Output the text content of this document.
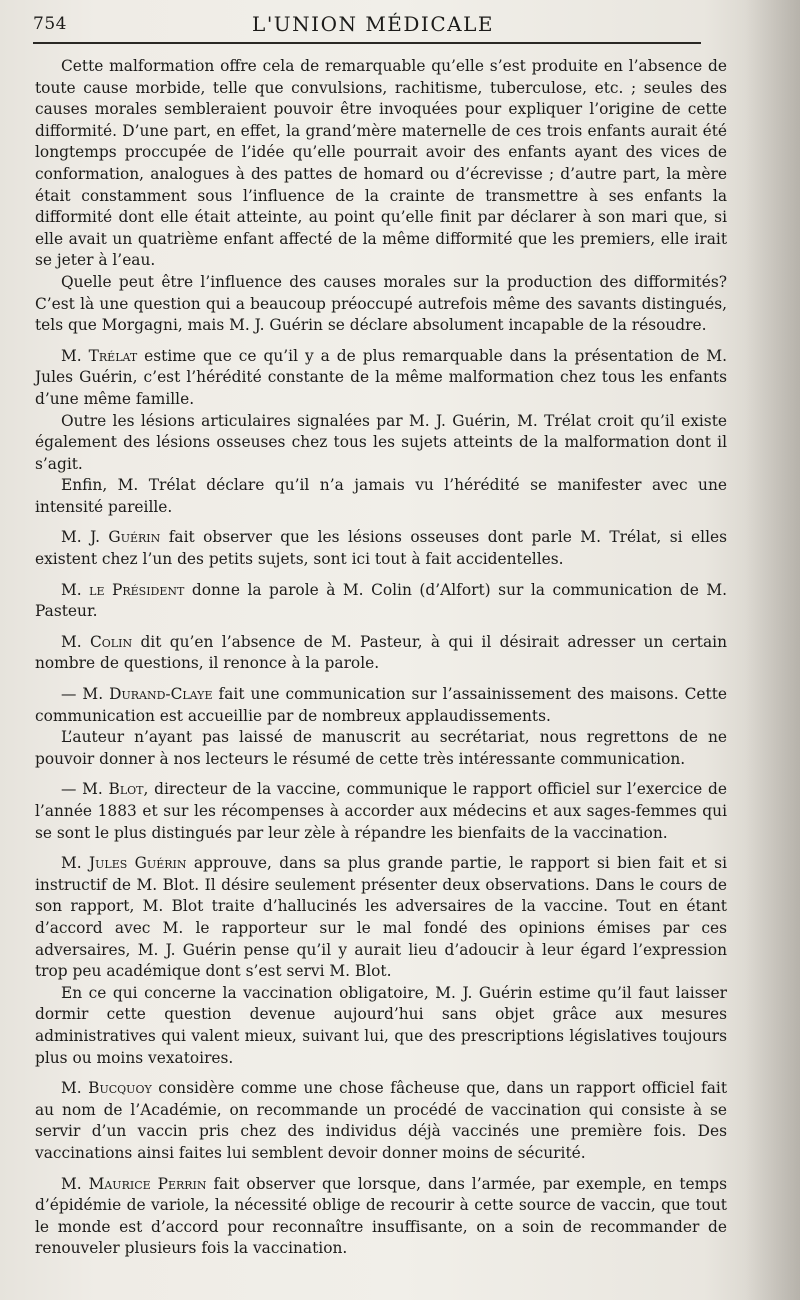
754	L'UNION MÉDICALE

Cette malformation offre cela de remarquable qu’elle s’est produite en l’absence de toute cause morbide, telle que convulsions, rachitisme, tuberculose, etc. ; seules des causes morales sembleraient pouvoir être invoquées pour expliquer l’origine de cette difformité. D’une part, en effet, la grand’mère maternelle de ces trois enfants aurait été longtemps proccupée de l’idée qu’elle pourrait avoir des enfants ayant des vices de conformation, analogues à des pattes de homard ou d’écrevisse ; d’autre part, la mère était constamment sous l’influence de la crainte de transmettre à ses enfants la difformité dont elle était atteinte, au point qu’elle finit par déclarer à son mari que, si elle avait un quatrième enfant affecté de la même difformité que les premiers, elle irait se jeter à l’eau.

Quelle peut être l’influence des causes morales sur la production des difformités? C’est là une question qui a beaucoup préoccupé autrefois même des savants distingués, tels que Morgagni, mais M. J. Guérin se déclare absolument incapable de la résoudre.

M. Trélat estime que ce qu’il y a de plus remarquable dans la présentation de M. Jules Guérin, c’est l’hérédité constante de la même malformation chez tous les enfants d’une même famille.

Outre les lésions articulaires signalées par M. J. Guérin, M. Trélat croit qu’il existe également des lésions osseuses chez tous les sujets atteints de la malformation dont il s’agit.

Enfin, M. Trélat déclare qu’il n’a jamais vu l’hérédité se manifester avec une intensité pareille.

M. J. Guérin fait observer que les lésions osseuses dont parle M. Trélat, si elles existent chez l’un des petits sujets, sont ici tout à fait accidentelles.

M. le Président donne la parole à M. Colin (d’Alfort) sur la communication de M. Pasteur.

M. Colin dit qu’en l’absence de M. Pasteur, à qui il désirait adresser un certain nombre de questions, il renonce à la parole.

— M. Durand-Claye fait une communication sur l’assainissement des maisons. Cette communication est accueillie par de nombreux applaudissements.

L’auteur n’ayant pas laissé de manuscrit au secrétariat, nous regrettons de ne pouvoir donner à nos lecteurs le résumé de cette très intéressante communication.

— M. Blot, directeur de la vaccine, communique le rapport officiel sur l’exercice de l’année 1883 et sur les récompenses à accorder aux médecins et aux sages-femmes qui se sont le plus distingués par leur zèle à répandre les bienfaits de la vaccination.

M. Jules Guérin approuve, dans sa plus grande partie, le rapport si bien fait et si instructif de M. Blot. Il désire seulement présenter deux observations. Dans le cours de son rapport, M. Blot traite d’hallucinés les adversaires de la vaccine. Tout en étant d’accord avec M. le rapporteur sur le mal fondé des opinions émises par ces adversaires, M. J. Guérin pense qu’il y aurait lieu d’adoucir à leur égard l’expression trop peu académique dont s’est servi M. Blot.

En ce qui concerne la vaccination obligatoire, M. J. Guérin estime qu’il faut laisser dormir cette question devenue aujourd’hui sans objet grâce aux mesures administratives qui valent mieux, suivant lui, que des prescriptions législatives toujours plus ou moins vexatoires.

M. Bucquoy considère comme une chose fâcheuse que, dans un rapport officiel fait au nom de l’Académie, on recommande un procédé de vaccination qui consiste à se servir d’un vaccin pris chez des individus déjà vaccinés une première fois. Des vaccinations ainsi faites lui semblent devoir donner moins de sécurité.

M. Maurice Perrin fait observer que lorsque, dans l’armée, par exemple, en temps d’épidémie de variole, la nécessité oblige de recourir à cette source de vaccin, que tout le monde est d’accord pour reconnaître insuffisante, on a soin de recommander de renouveler plusieurs fois la vaccination.
